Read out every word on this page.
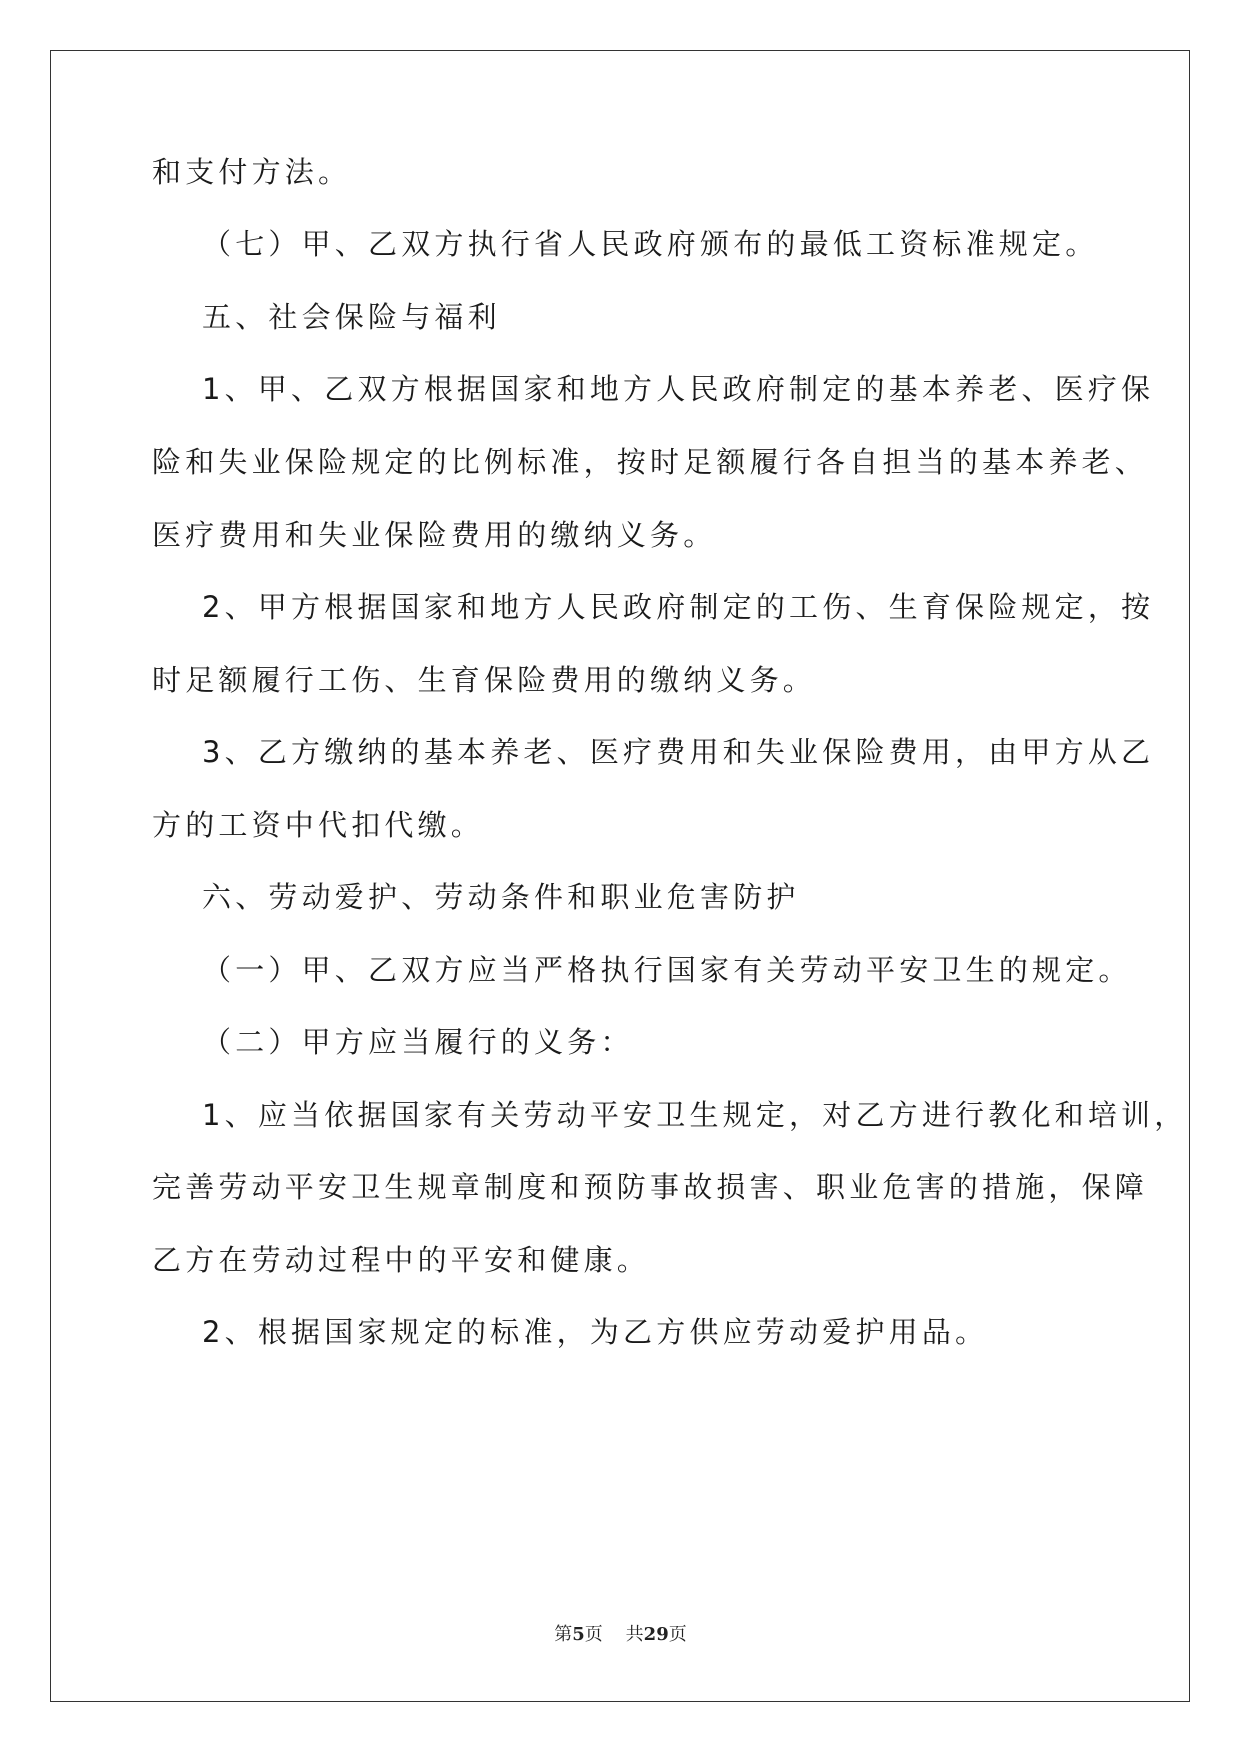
和支付方法。
（七）甲、乙双方执行省人民政府颁布的最低工资标准规定。
五、社会保险与福利
1、甲、乙双方根据国家和地方人民政府制定的基本养老、医疗保
险和失业保险规定的比例标准，按时足额履行各自担当的基本养老、
医疗费用和失业保险费用的缴纳义务。
2、甲方根据国家和地方人民政府制定的工伤、生育保险规定，按
时足额履行工伤、生育保险费用的缴纳义务。
3、乙方缴纳的基本养老、医疗费用和失业保险费用，由甲方从乙
方的工资中代扣代缴。
六、劳动爱护、劳动条件和职业危害防护
（一）甲、乙双方应当严格执行国家有关劳动平安卫生的规定。
（二）甲方应当履行的义务：
1、应当依据国家有关劳动平安卫生规定，对乙方进行教化和培训，
完善劳动平安卫生规章制度和预防事故损害、职业危害的措施，保障
乙方在劳动过程中的平安和健康。
2、根据国家规定的标准，为乙方供应劳动爱护用品。
第5页 共29页
